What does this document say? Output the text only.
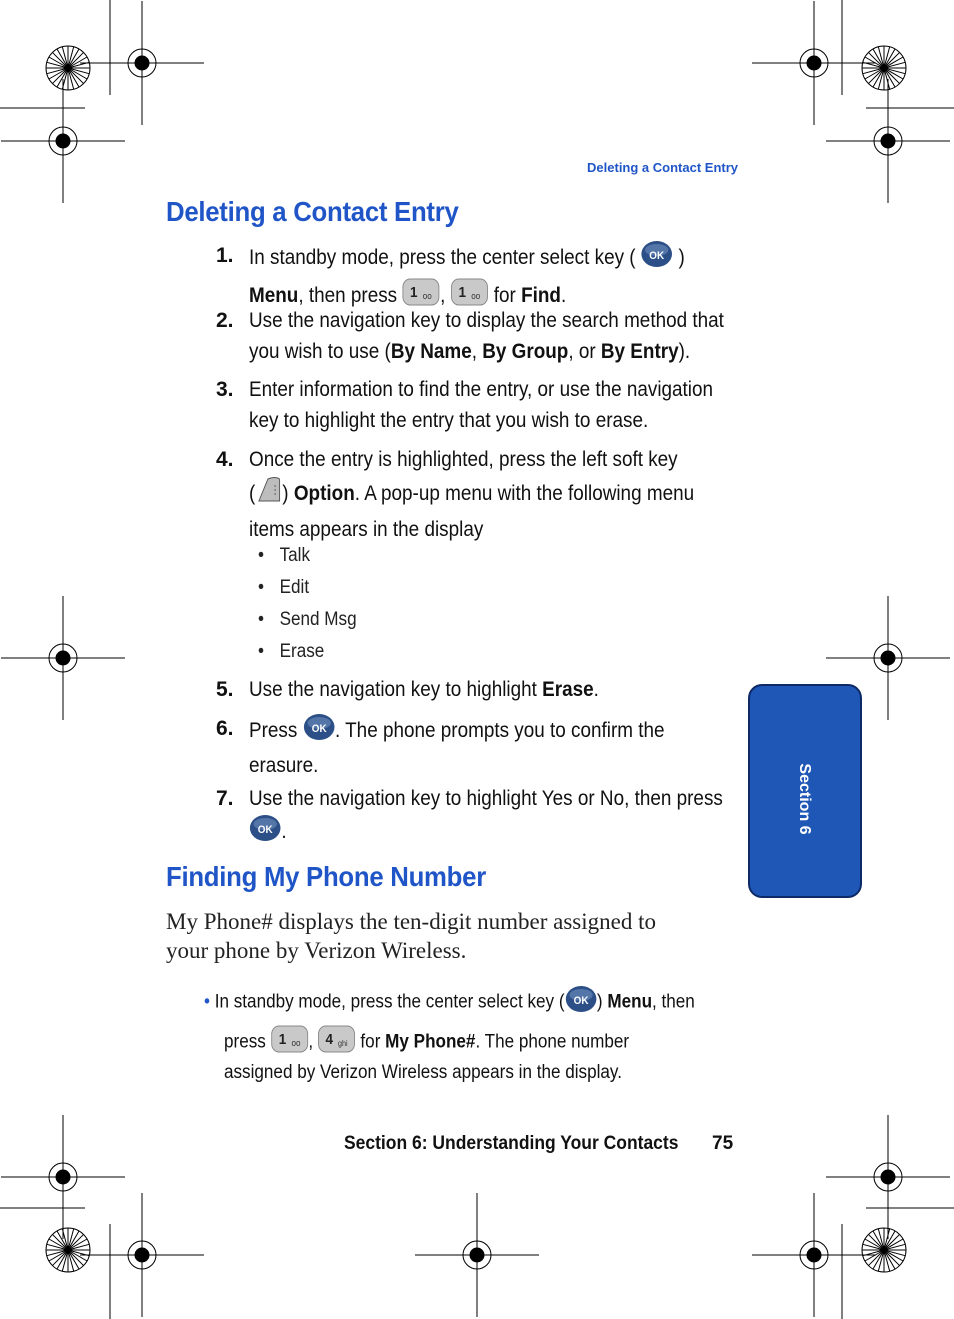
Deleting a Contact Entry
Deleting a Contact Entry
1. In standby mode, press the center select key ( OK )
Menu, then press 1 oo , 1 oo for Find.
2. Use the navigation key to display the search method that
you wish to use (By Name, By Group, or By Entry).
3. Enter information to find the entry, or use the navigation
key to highlight the entry that you wish to erase.
4. Once the entry is highlighted, press the left soft key
( ) Option. A pop-up menu with the following menu
items appears in the display
• Talk
• Edit
• Send Msg
• Erase
5. Use the navigation key to highlight Erase.
6. Press OK . The phone prompts you to confirm the
erasure.
7. Use the navigation key to highlight Yes or No, then press
OK .
Finding My Phone Number
My Phone# displays the ten-digit number assigned to
your phone by Verizon Wireless.
• In standby mode, press the center select key ( OK ) Menu, then
press 1 oo , 4 ghi for My Phone#. The phone number
assigned by Verizon Wireless appears in the display.
Section 6
Section 6: Understanding Your Contacts 75
